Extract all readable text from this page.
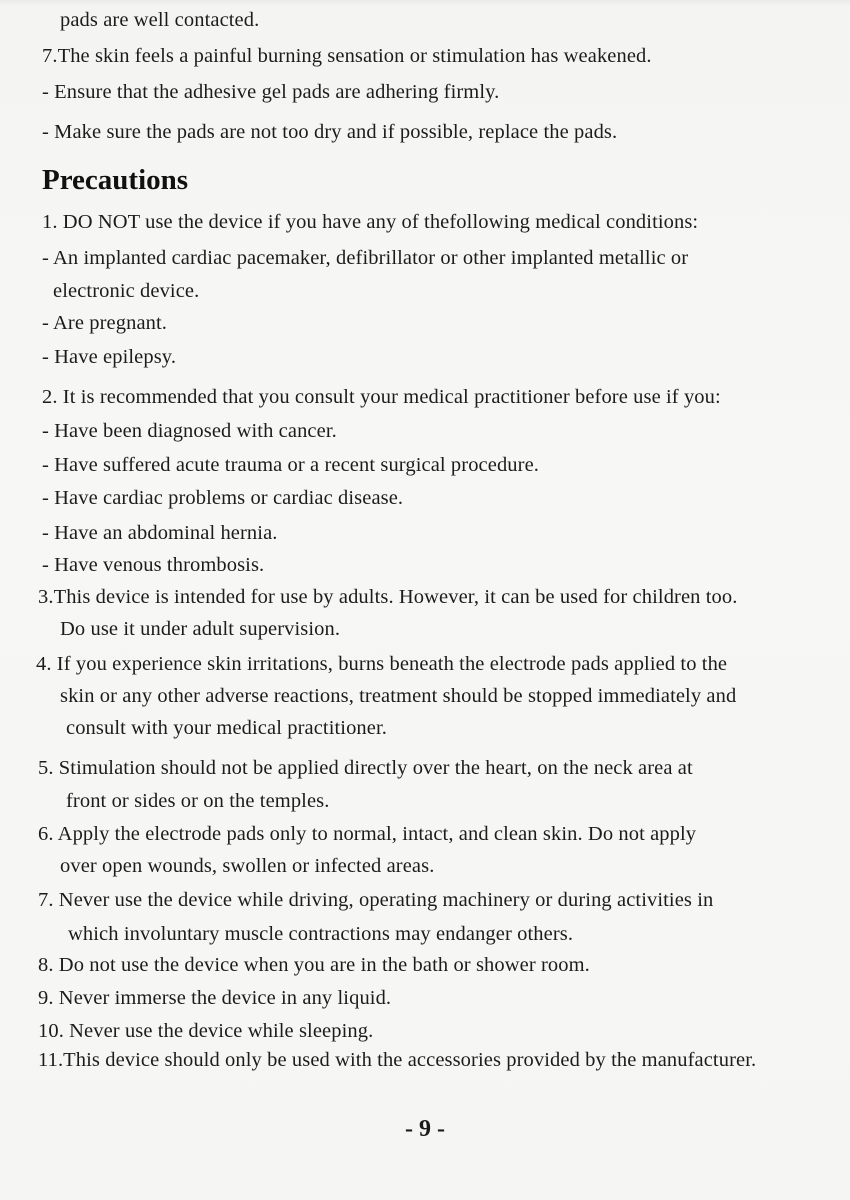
pads are well contacted.
7.The skin feels a painful burning sensation or stimulation has weakened.
- Ensure that the adhesive gel pads are adhering firmly.
- Make sure the pads are not too dry and if possible, replace the pads.
Precautions
1. DO NOT use the device if you have any of thefollowing medical conditions:
- An implanted cardiac pacemaker, defibrillator or other implanted metallic or
electronic device.
- Are pregnant.
- Have epilepsy.
2. It is recommended that you consult your medical practitioner before use if you:
- Have been diagnosed with cancer.
- Have suffered acute trauma or a recent surgical procedure.
- Have cardiac problems or cardiac disease.
- Have an abdominal hernia.
- Have venous thrombosis.
3.This device is intended for use by adults. However, it can be used for children too.
Do use it under adult supervision.
4. If you experience skin irritations, burns beneath the electrode pads applied to the
skin or any other adverse reactions, treatment should be stopped immediately and
consult with your medical practitioner.
5. Stimulation should not be applied directly over the heart, on the neck area at
front or sides or on the temples.
6. Apply the electrode pads only to normal, intact, and clean skin. Do not apply
over open wounds, swollen or infected areas.
7. Never use the device while driving, operating machinery or during activities in
which involuntary muscle contractions may endanger others.
8. Do not use the device when you are in the bath or shower room.
9. Never immerse the device in any liquid.
10. Never use the device while sleeping.
11.This device should only be used with the accessories provided by the manufacturer.
- 9 -
